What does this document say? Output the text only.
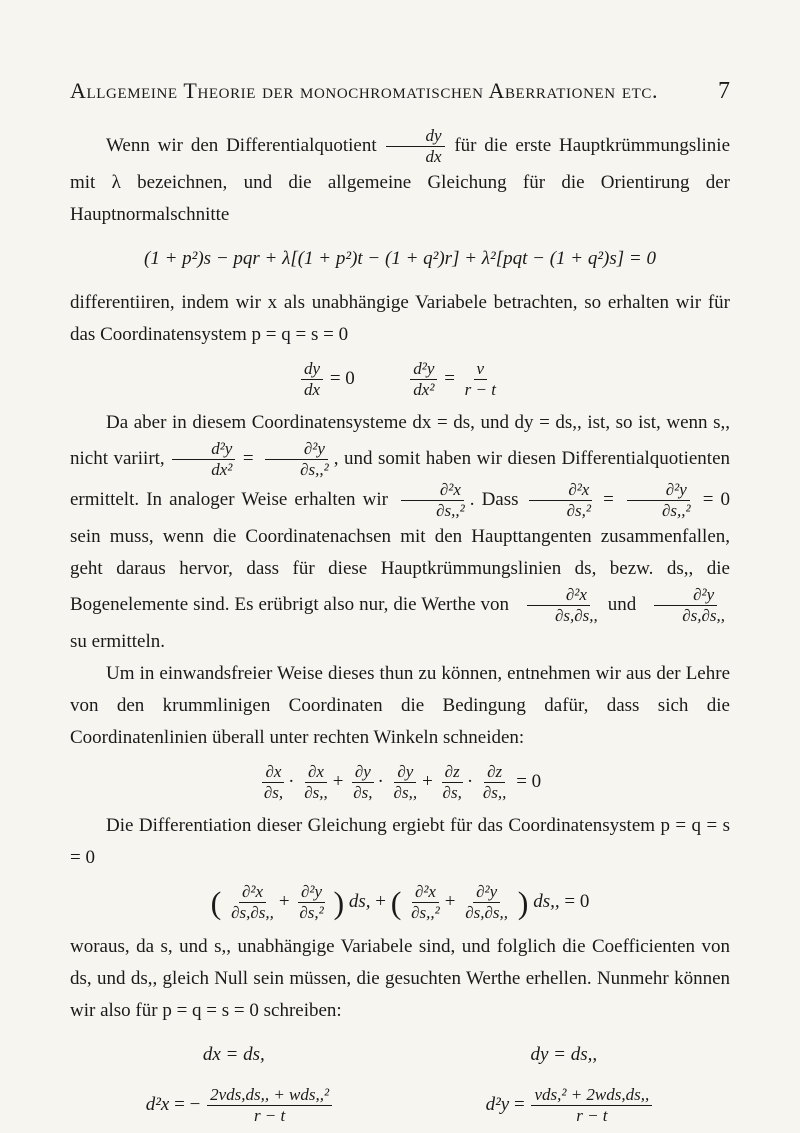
Allgemeine Theorie der monochromatischen Aberrationen etc. 7

Wenn wir den Differentialquotient $\frac{dy}{dx}$ für die erste Hauptkrümmungslinie mit λ bezeichnen, und die allgemeine Gleichung für die Orientirung der Hauptnormalschnitte

(1 + p²)s − pqr + λ[(1 + p²)t − (1 + q²)r] + λ²[pqt − (1 + q²)s] = 0

differentiiren, indem wir x als unabhängige Variabele betrachten, so erhalten wir für das Coordinatensystem p = q = s = 0

$\frac{dy}{dx} = 0$	$\frac{\text{d²y}}{\text{dx²}} = \frac{v}{r - t}$

Da aber in diesem Coordinatensysteme dx = ds, und dy = ds,, ist, so ist, wenn s,, nicht variirt, $\frac{\text{d²y}}{\text{dx²}} = \frac{\text{∂²y}}{\text{∂s,,²}}$ , und somit haben wir diesen Differentialquotienten ermittelt. In analoger Weise erhalten wir $\frac{\text{∂²x}}{\text{∂s,,²}}$ . Dass $\frac{\text{∂²x}}{\text{∂s,²}} = \frac{\text{∂²y}}{\text{∂s,,²}} = 0$ sein muss, wenn die Coordinatenachsen mit den Haupttangenten zusammenfallen, geht daraus hervor, dass für diese Hauptkrümmungslinien ds, bezw. ds,, die Bogenelemente sind. Es erübrigt also nur, die Werthe von $\frac{\text{∂²x}}{\partial s,\partial s,,}$ und $\frac{\text{∂²y}}{\partial s,\partial s,,}$
su ermitteln.

Um in einwandsfreier Weise dieses thun zu können, entnehmen wir aus der Lehre von den krummlinigen Coordinaten die Bedingung dafür, dass sich die Coordinatenlinien überall unter rechten Winkeln schneiden:

$\frac{\partial x}{\partial s,} \cdot \frac{\partial x}{\partial s,,} + \frac{\partial y}{\partial s,} \cdot \frac{\partial y}{\partial s,,} + \frac{\partial z}{\partial s,} \cdot \frac{\partial z}{\partial s,,} = 0$

Die Differentiation dieser Gleichung ergiebt für das Coordinatensystem p = q = s = 0

( $\frac{\text{∂²x}}{\partial s,\partial s,,} + \frac{\text{∂²y}}{\text{∂s,²}}$ ) ds, + ( $\frac{\text{∂²x}}{\text{∂s,,²}} + \frac{\text{∂²y}}{\partial s,\partial s,,}$ ) ds,, = 0

woraus, da s, und s,, unabhängige Variabele sind, und folglich die Coefficienten von ds, und ds,, gleich Null sein müssen, die gesuchten Werthe erhellen. Nunmehr können wir also für p = q = s = 0 schreiben:

dx = ds,	dy = ds,,
d²x = − $\frac{\text{2vds,ds,, + wds,,²}}{r - t}$	$d^2y = \frac{\text{vds,² + 2wds,ds,,}}{r - t}$
